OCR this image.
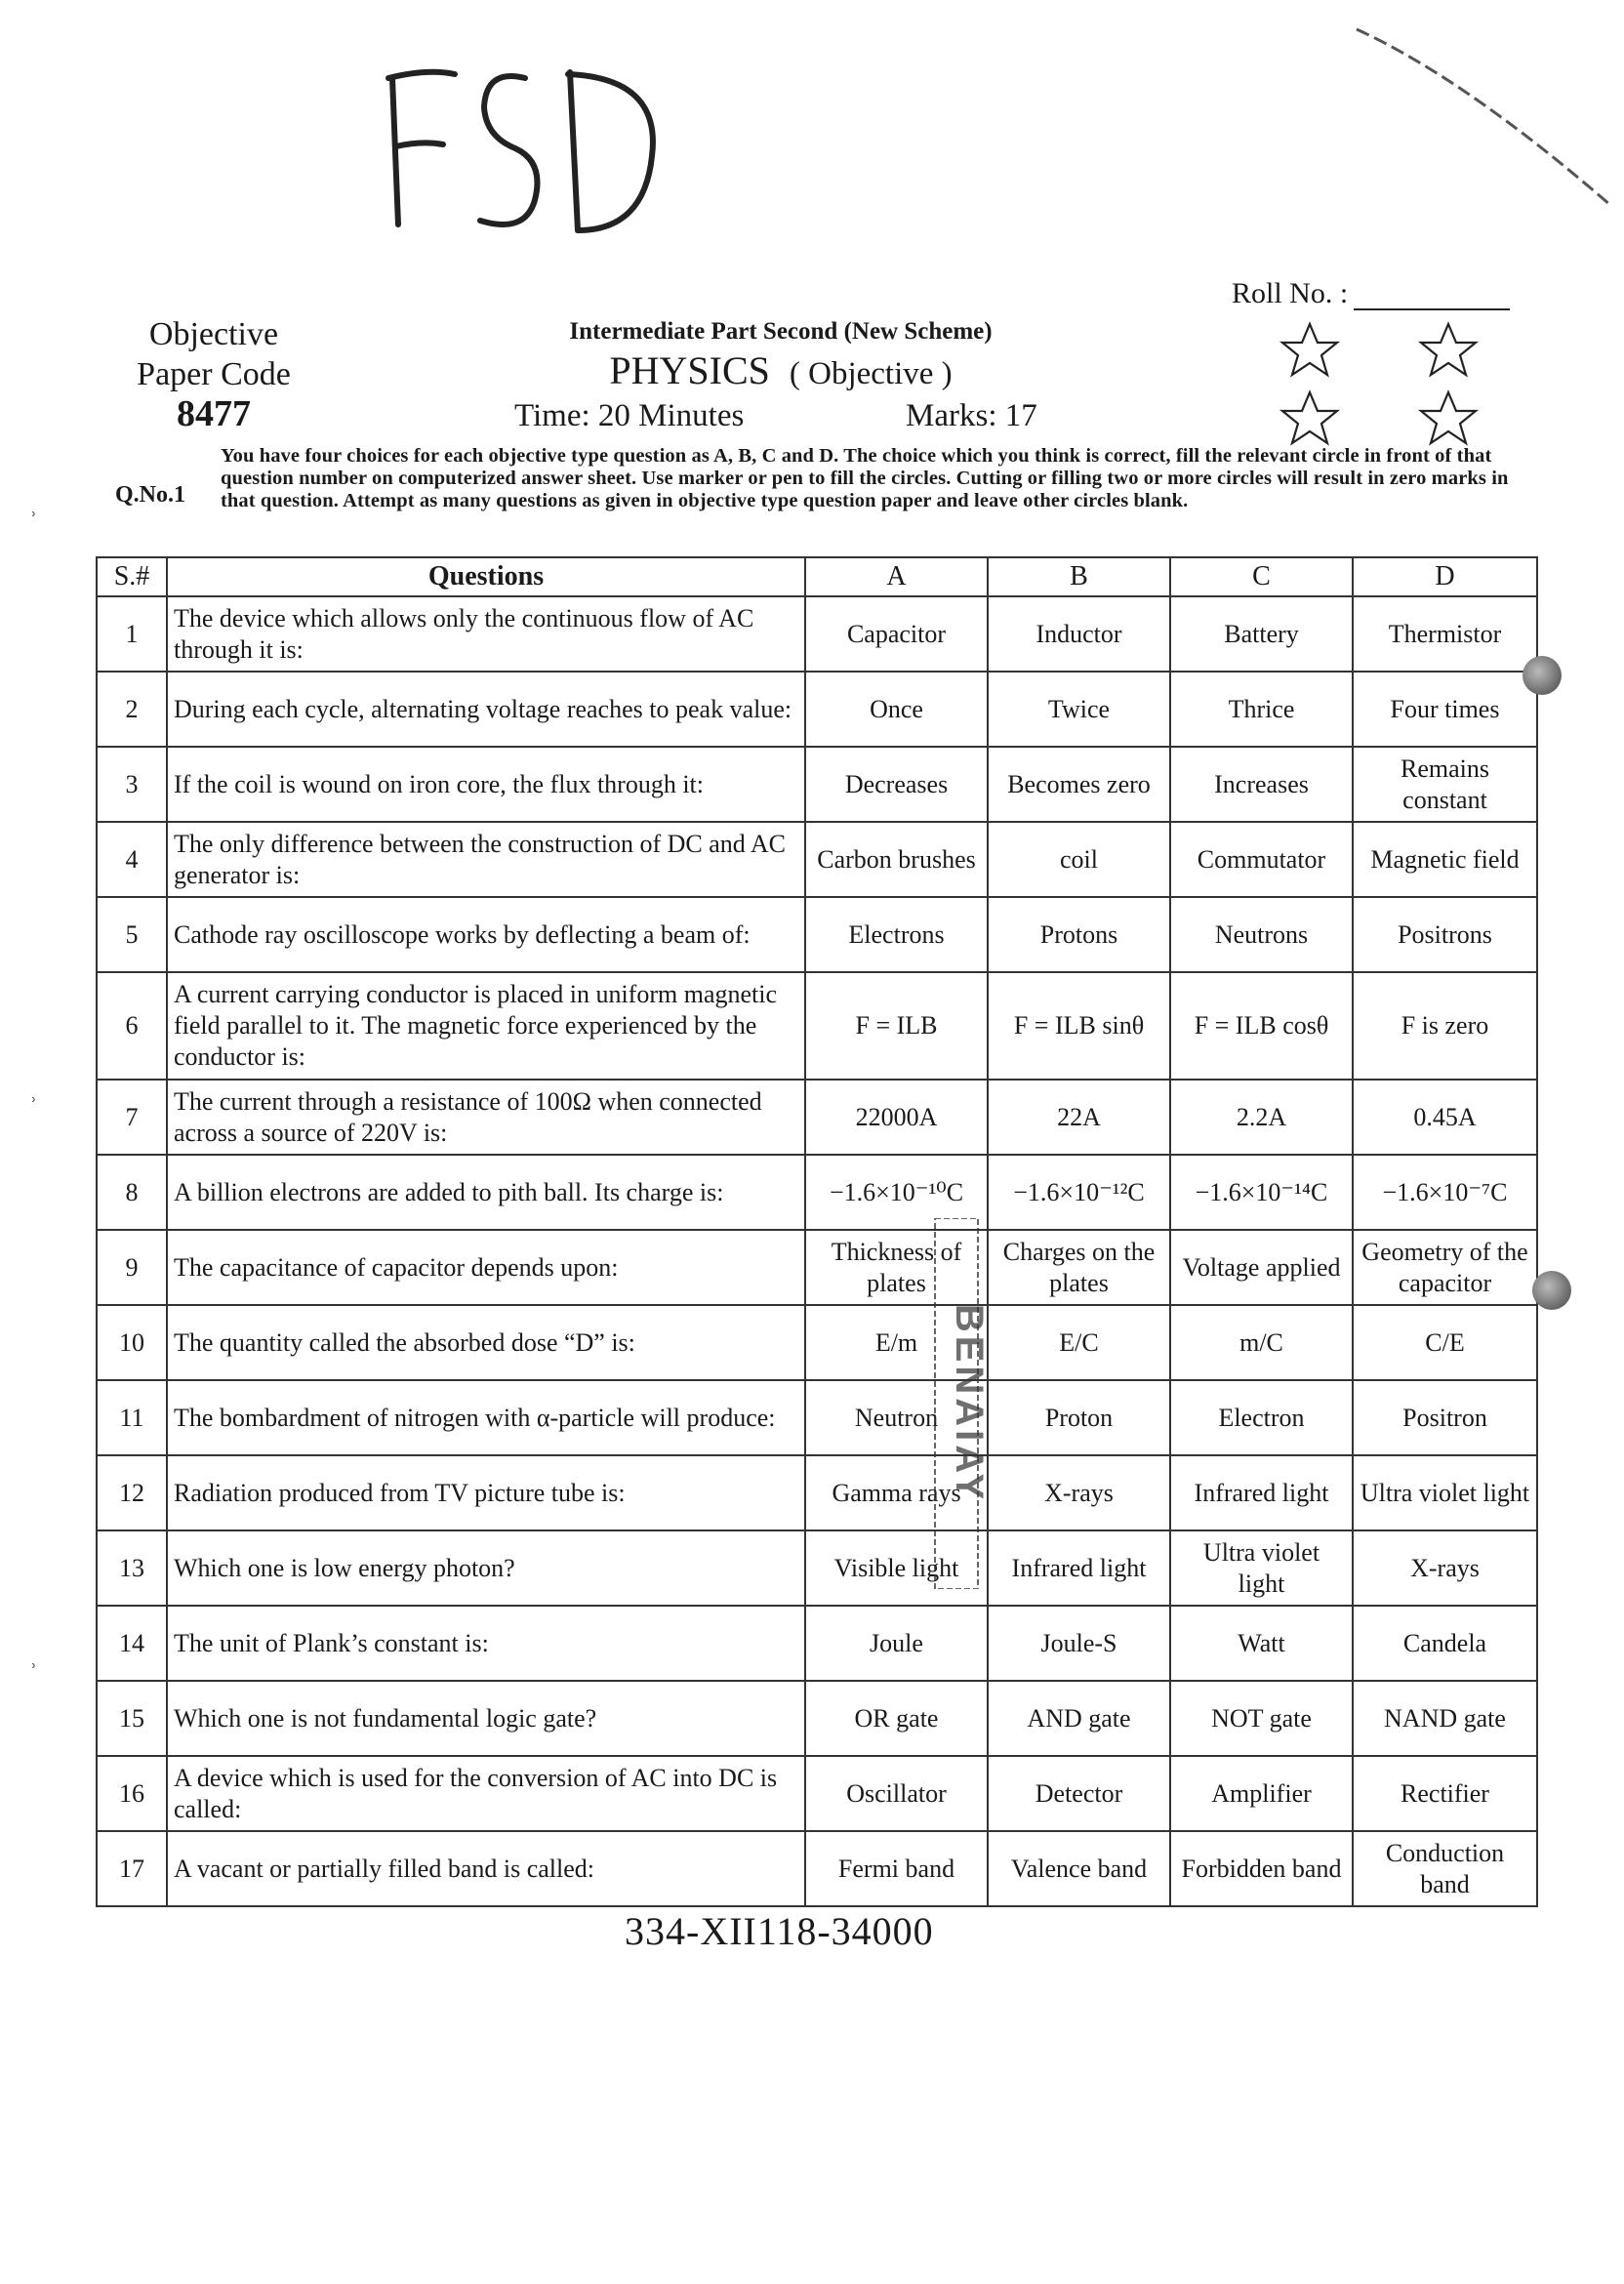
Roll No. :
Objective
Paper Code
8477
Intermediate Part Second (New Scheme)
PHYSICS ( Objective )
Time: 20 Minutes	Marks: 17
Q.No.1
You have four choices for each objective type question as A, B, C and D. The choice which you think is correct, fill the relevant circle in front of that question number on computerized answer sheet. Use marker or pen to fill the circles. Cutting or filling two or more circles will result in zero marks in that question. Attempt as many questions as given in objective type question paper and leave other circles blank.
S.#	Questions	A	B	C	D
1	The device which allows only the continuous flow of AC through it is:	Capacitor	Inductor	Battery	Thermistor
2	During each cycle, alternating voltage reaches to peak value:	Once	Twice	Thrice	Four times
3	If the coil is wound on iron core, the flux through it:	Decreases	Becomes zero	Increases	Remains constant
4	The only difference between the construction of DC and AC generator is:	Carbon brushes	coil	Commutator	Magnetic field
5	Cathode ray oscilloscope works by deflecting a beam of:	Electrons	Protons	Neutrons	Positrons
6	A current carrying conductor is placed in uniform magnetic field parallel to it. The magnetic force experienced by the conductor is:	F = ILB	F = ILB sinθ	F = ILB cosθ	F is zero
7	The current through a resistance of 100Ω when connected across a source of 220V is:	22000A	22A	2.2A	0.45A
8	A billion electrons are added to pith ball. Its charge is:	−1.6×10⁻¹⁰C	−1.6×10⁻¹²C	−1.6×10⁻¹⁴C	−1.6×10⁻⁷C
9	The capacitance of capacitor depends upon:	Thickness of plates	Charges on the plates	Voltage applied	Geometry of the capacitor
10	The quantity called the absorbed dose “D” is:	E/m	E/C	m/C	C/E
11	The bombardment of nitrogen with α-particle will produce:	Neutron	Proton	Electron	Positron
12	Radiation produced from TV picture tube is:	Gamma rays	X-rays	Infrared light	Ultra violet light
13	Which one is low energy photon?	Visible light	Infrared light	Ultra violet light	X-rays
14	The unit of Plank’s constant is:	Joule	Joule-S	Watt	Candela
15	Which one is not fundamental logic gate?	OR gate	AND gate	NOT gate	NAND gate
16	A device which is used for the conversion of AC into DC is called:	Oscillator	Detector	Amplifier	Rectifier
17	A vacant or partially filled band is called:	Fermi band	Valence band	Forbidden band	Conduction band
BENAIAY
ʾ
ʾ
ʾ
334-XII118-34000
